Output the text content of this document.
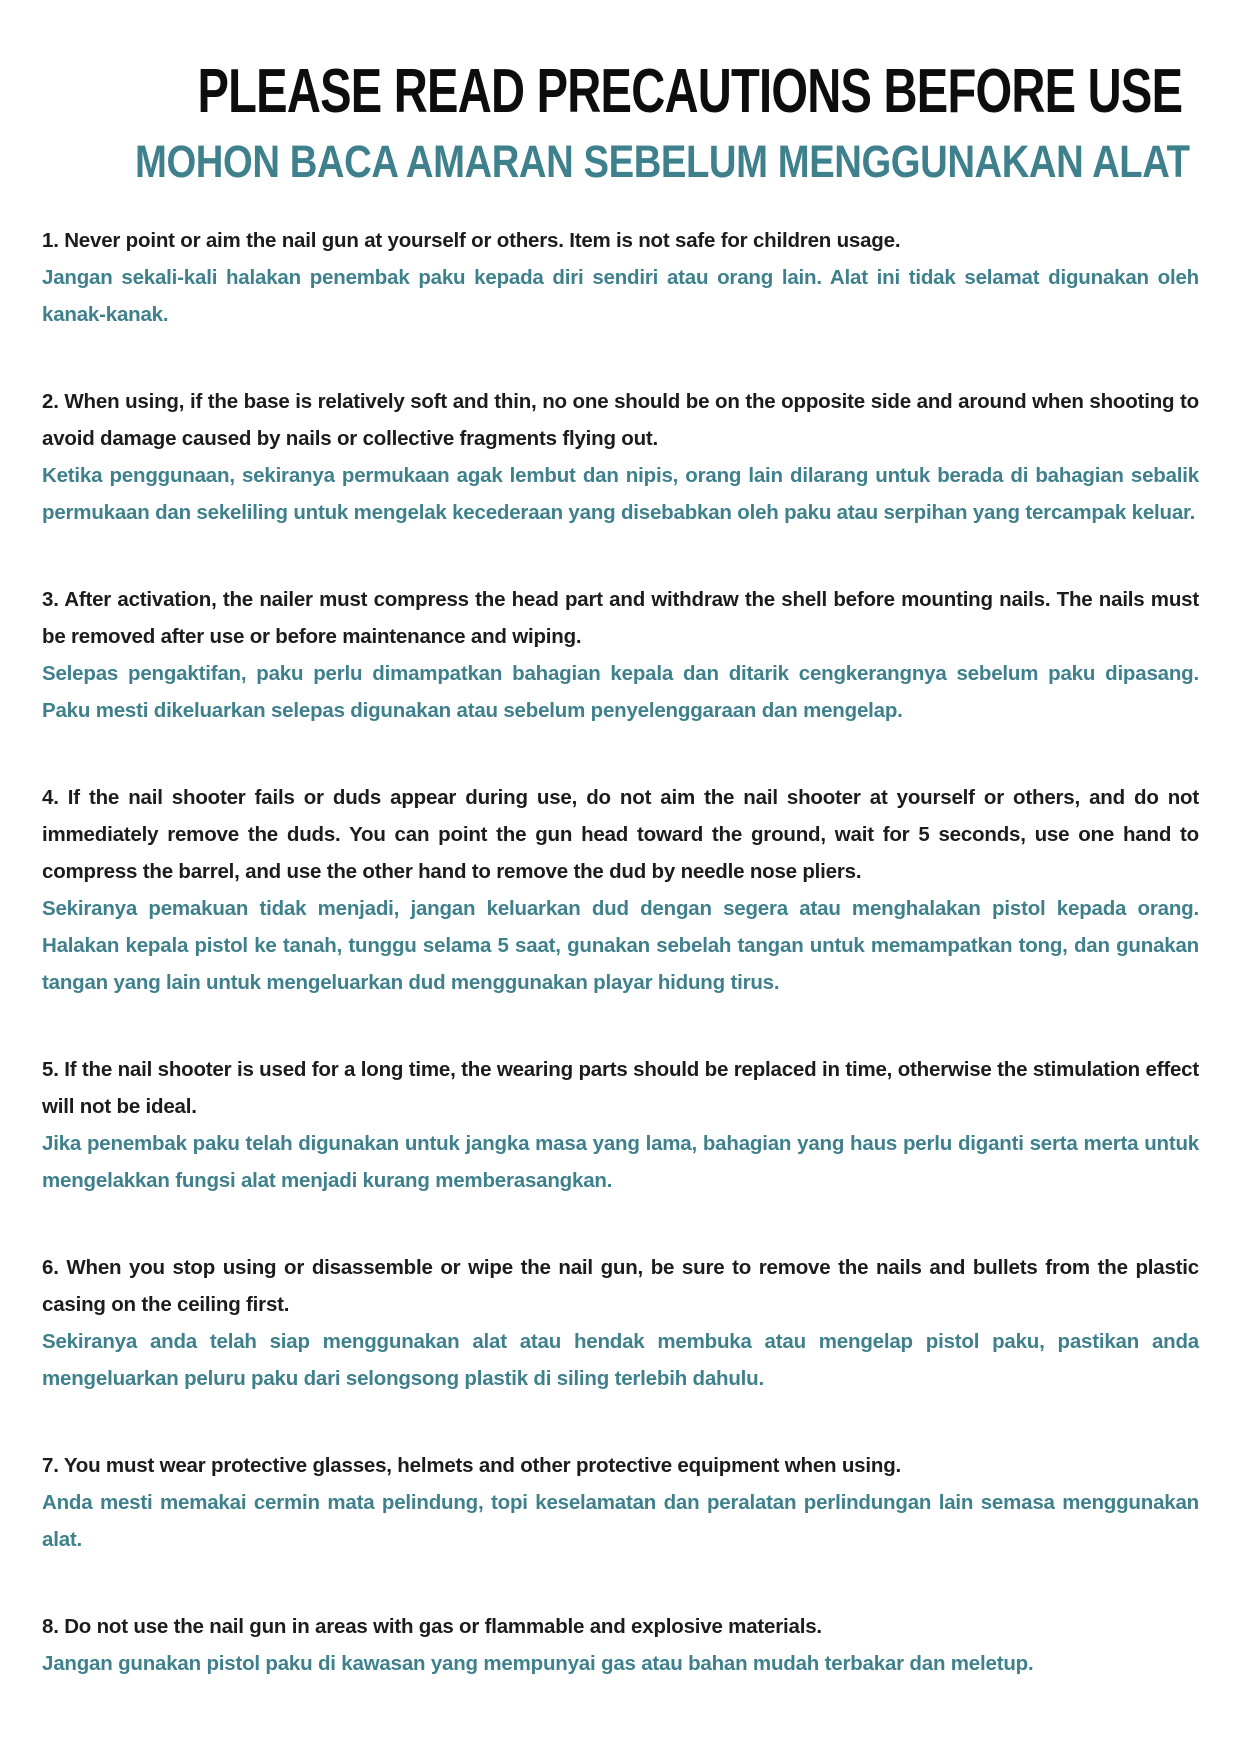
PLEASE READ PRECAUTIONS BEFORE USE
MOHON BACA AMARAN SEBELUM MENGGUNAKAN ALAT

1. Never point or aim the nail gun at yourself or others. Item is not safe for children usage.

Jangan sekali-kali halakan penembak paku kepada diri sendiri atau orang lain. Alat ini tidak selamat digunakan oleh kanak-kanak.

2. When using, if the base is relatively soft and thin, no one should be on the opposite side and around when shooting to avoid damage caused by nails or collective fragments flying out.

Ketika penggunaan, sekiranya permukaan agak lembut dan nipis, orang lain dilarang untuk berada di bahagian sebalik permukaan dan sekeliling untuk mengelak kecederaan yang disebabkan oleh paku atau serpihan yang tercampak keluar.

3. After activation, the nailer must compress the head part and withdraw the shell before mounting nails. The nails must be removed after use or before maintenance and wiping.

Selepas pengaktifan, paku perlu dimampatkan bahagian kepala dan ditarik cengkerangnya sebelum paku dipasang. Paku mesti dikeluarkan selepas digunakan atau sebelum penyelenggaraan dan mengelap.

4. If the nail shooter fails or duds appear during use, do not aim the nail shooter at yourself or others, and do not immediately remove the duds. You can point the gun head toward the ground, wait for 5 seconds, use one hand to compress the barrel, and use the other hand to remove the dud by needle nose pliers.

Sekiranya pemakuan tidak menjadi, jangan keluarkan dud dengan segera atau menghalakan pistol kepada orang. Halakan kepala pistol ke tanah, tunggu selama 5 saat, gunakan sebelah tangan untuk memampatkan tong, dan gunakan tangan yang lain untuk mengeluarkan dud menggunakan playar hidung tirus.

5. If the nail shooter is used for a long time, the wearing parts should be replaced in time, otherwise the stimulation effect will not be ideal.

Jika penembak paku telah digunakan untuk jangka masa yang lama, bahagian yang haus perlu diganti serta merta untuk mengelakkan fungsi alat menjadi kurang memberasangkan.

6. When you stop using or disassemble or wipe the nail gun, be sure to remove the nails and bullets from the plastic casing on the ceiling first.

Sekiranya anda telah siap menggunakan alat atau hendak membuka atau mengelap pistol paku, pastikan anda mengeluarkan peluru paku dari selongsong plastik di siling terlebih dahulu.

7. You must wear protective glasses, helmets and other protective equipment when using.

Anda mesti memakai cermin mata pelindung, topi keselamatan dan peralatan perlindungan lain semasa menggunakan alat.

8. Do not use the nail gun in areas with gas or flammable and explosive materials.

Jangan gunakan pistol paku di kawasan yang mempunyai gas atau bahan mudah terbakar dan meletup.
